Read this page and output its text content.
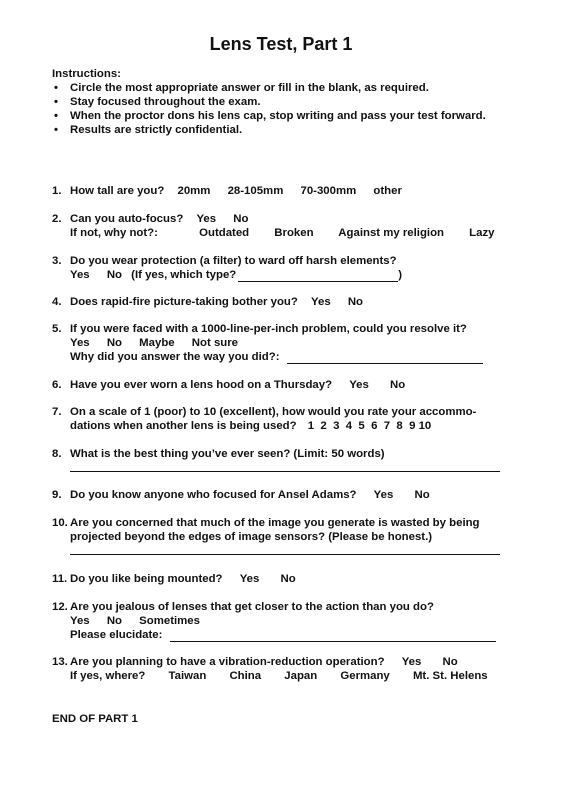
Lens Test, Part 1
Instructions:
• Circle the most appropriate answer or fill in the blank, as required.
• Stay focused throughout the exam.
• When the proctor dons his lens cap, stop writing and pass your test forward.
• Results are strictly confidential.
1. How tall are you? 20mm 28-105mm 70-300mm other
2. Can you auto-focus? Yes No
If not, why not?:	Outdated Broken Against my religion Lazy
3. Do you wear protection (a filter) to ward off harsh elements?
Yes No (If yes, which type?	)
4. Does rapid-fire picture-taking bother you? Yes No
5. If you were faced with a 1000-line-per-inch problem, could you resolve it?
Yes No Maybe Not sure
Why did you answer the way you did?:
6. Have you ever worn a lens hood on a Thursday? Yes No
7. On a scale of 1 (poor) to 10 (excellent), how would you rate your accommo-
dations when another lens is being used? 1  2  3  4  5  6  7  8  9 10
8. What is the best thing you’ve ever seen? (Limit: 50 words)
9. Do you know anyone who focused for Ansel Adams? Yes No
10. Are you concerned that much of the image you generate is wasted by being
projected beyond the edges of image sensors? (Please be honest.)
11. Do you like being mounted? Yes No
12. Are you jealous of lenses that get closer to the action than you do?
Yes No Sometimes
Please elucidate:
13. Are you planning to have a vibration-reduction operation? Yes No
If yes, where? Taiwan China Japan Germany Mt. St. Helens
END OF PART 1
